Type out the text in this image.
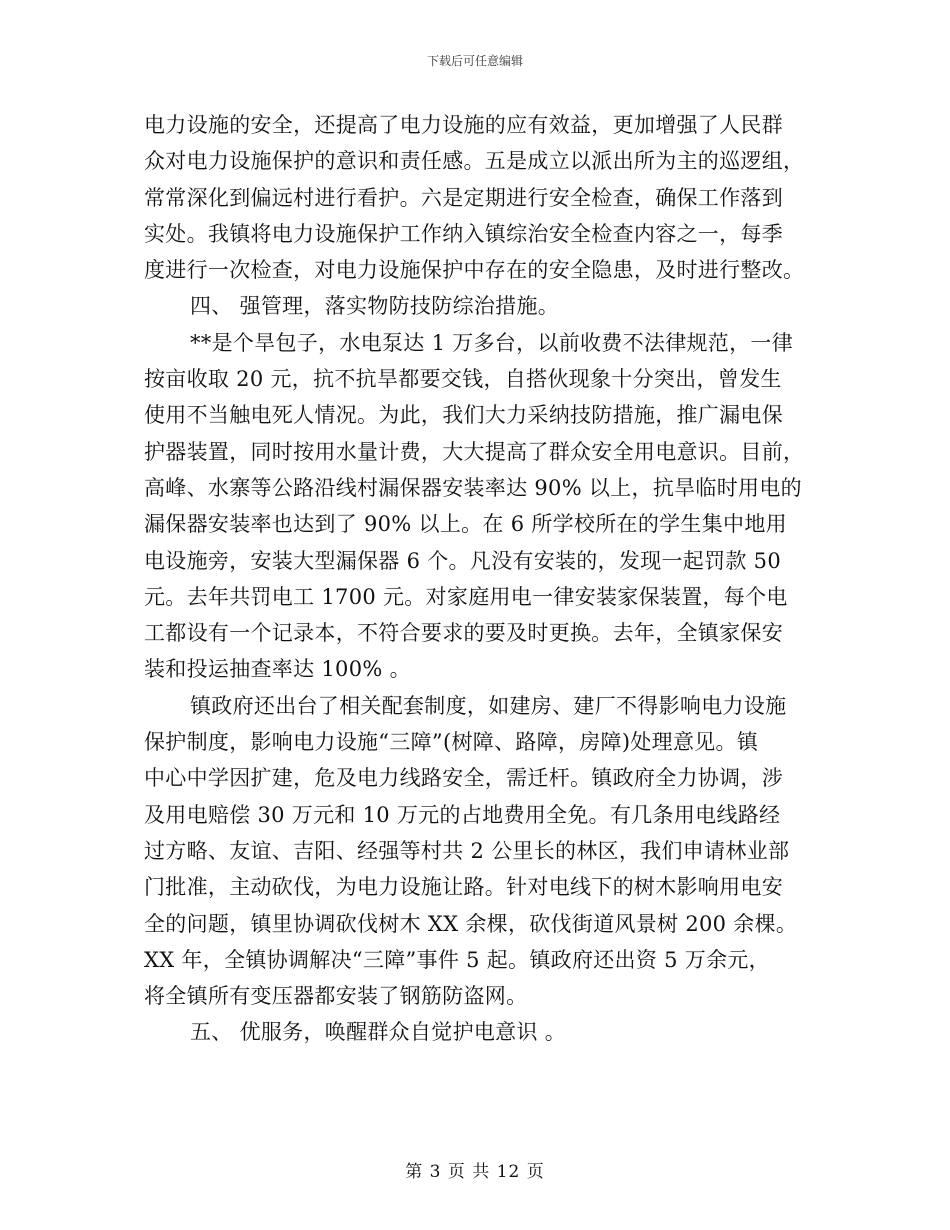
下载后可任意编辑
电力设施的安全，还提高了电力设施的应有效益，更加增强了人民群
众对电力设施保护的意识和责任感。五是成立以派出所为主的巡逻组，
常常深化到偏远村进行看护。六是定期进行安全检查，确保工作落到
实处。我镇将电力设施保护工作纳入镇综治安全检查内容之一，每季
度进行一次检查，对电力设施保护中存在的安全隐患，及时进行整改。
四、 强管理，落实物防技防综治措施。
**是个旱包子，水电泵达 1 万多台，以前收费不法律规范，一律
按亩收取 20 元，抗不抗旱都要交钱，自搭伙现象十分突出，曾发生
使用不当触电死人情况。为此，我们大力采纳技防措施，推广漏电保
护器装置，同时按用水量计费，大大提高了群众安全用电意识。目前，
高峰、水寨等公路沿线村漏保器安装率达 90% 以上，抗旱临时用电的
漏保器安装率也达到了 90% 以上。在 6 所学校所在的学生集中地用
电设施旁，安装大型漏保器 6 个。凡没有安装的，发现一起罚款 50
元。去年共罚电工 1700 元。对家庭用电一律安装家保装置，每个电
工都设有一个记录本，不符合要求的要及时更换。去年，全镇家保安
装和投运抽查率达 100% 。
镇政府还出台了相关配套制度，如建房、建厂不得影响电力设施
保护制度，影响电力设施“三障”(树障、路障，房障)处理意见。镇
中心中学因扩建，危及电力线路安全，需迁杆。镇政府全力协调，涉
及用电赔偿 30 万元和 10 万元的占地费用全免。有几条用电线路经
过方略、友谊、吉阳、经强等村共 2 公里长的林区，我们申请林业部
门批准，主动砍伐，为电力设施让路。针对电线下的树木影响用电安
全的问题，镇里协调砍伐树木 XX 余棵，砍伐街道风景树 200 余棵。
XX 年，全镇协调解决“三障”事件 5 起。镇政府还出资 5 万余元，
将全镇所有变压器都安装了钢筋防盗网。
五、 优服务，唤醒群众自觉护电意识 。
第 3 页 共 12 页
